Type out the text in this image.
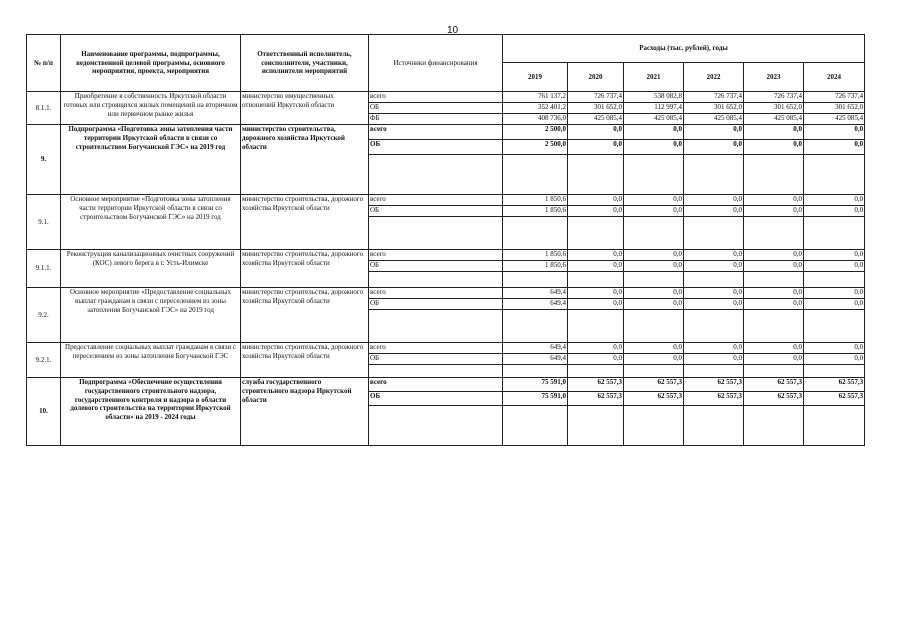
10
№ п/п	Наименование программы, подпрограммы, ведомственной целевой программы, основного мероприятия, проекта, мероприятия	Ответственный исполнитель, соисполнители, участники, исполнители мероприятий	Источники финансирования	Расходы (тыс. рублей), годы					
				2019	2020	2021	2022	2023	2024
8.1.1.	Приобретение в собственность Иркутской области готовых или строящихся жилых помещений на вторичном или первичном рынке жилья	министерство имущественных отношений Иркутской области	всего	761 137,2	726 737,4	538 082,8	726 737,4	726 737,4	726 737,4
			ОБ	352 401,2	301 652,0	112 997,4	301 652,0	301 652,0	301 652,0
			ФБ	408 736,0	425 085,4	425 085,4	425 085,4	425 085,4	425 085,4
9.	Подпрограмма «Подготовка зоны затопления части территории Иркутской области в связи со строительством Богучанской ГЭС» на 2019 год	министерство строительства, дорожного хозяйства Иркутской области	всего	2 500,0	0,0	0,0	0,0	0,0	0,0
			ОБ	2 500,0	0,0	0,0	0,0	0,0	0,0

9.1.	Основное мероприятие «Подготовка зоны затопления части территории Иркутской области в связи со строительством Богучанской ГЭС» на 2019 год	министерство строительства, дорожного хозяйства Иркутской области	всего	1 850,6	0,0	0,0	0,0	0,0	0,0
			ОБ	1 850,6	0,0	0,0	0,0	0,0	0,0

9.1.1.	Реконструкция канализационных очистных сооружений (КОС) левого берега в г. Усть-Илимске	министерство строительства, дорожного хозяйства Иркутской области	всего	1 850,6	0,0	0,0	0,0	0,0	0,0
			ОБ	1 850,6	0,0	0,0	0,0	0,0	0,0

9.2.	Основное мероприятие «Предоставление социальных выплат гражданам в связи с переселением из зоны затопления Богучанской ГЭС» на 2019 год	министерство строительства, дорожного хозяйства Иркутской области	всего	649,4	0,0	0,0	0,0	0,0	0,0
			ОБ	649,4	0,0	0,0	0,0	0,0	0,0

9.2.1.	Предоставление социальных выплат гражданам в связи с переселением из зоны затопления Богучанской ГЭС	министерство строительства, дорожного хозяйства Иркутской области	всего	649,4	0,0	0,0	0,0	0,0	0,0
			ОБ	649,4	0,0	0,0	0,0	0,0	0,0

10.	Подпрограмма «Обеспечение осуществления государственного строительного надзора, государственного контроля и надзора в области долевого строительства на территории Иркутской области» на 2019 - 2024 годы	служба государственного строительного надзора Иркутской области	всего	75 591,0	62 557,3	62 557,3	62 557,3	62 557,3	62 557,3
			ОБ	75 591,0	62 557,3	62 557,3	62 557,3	62 557,3	62 557,3
